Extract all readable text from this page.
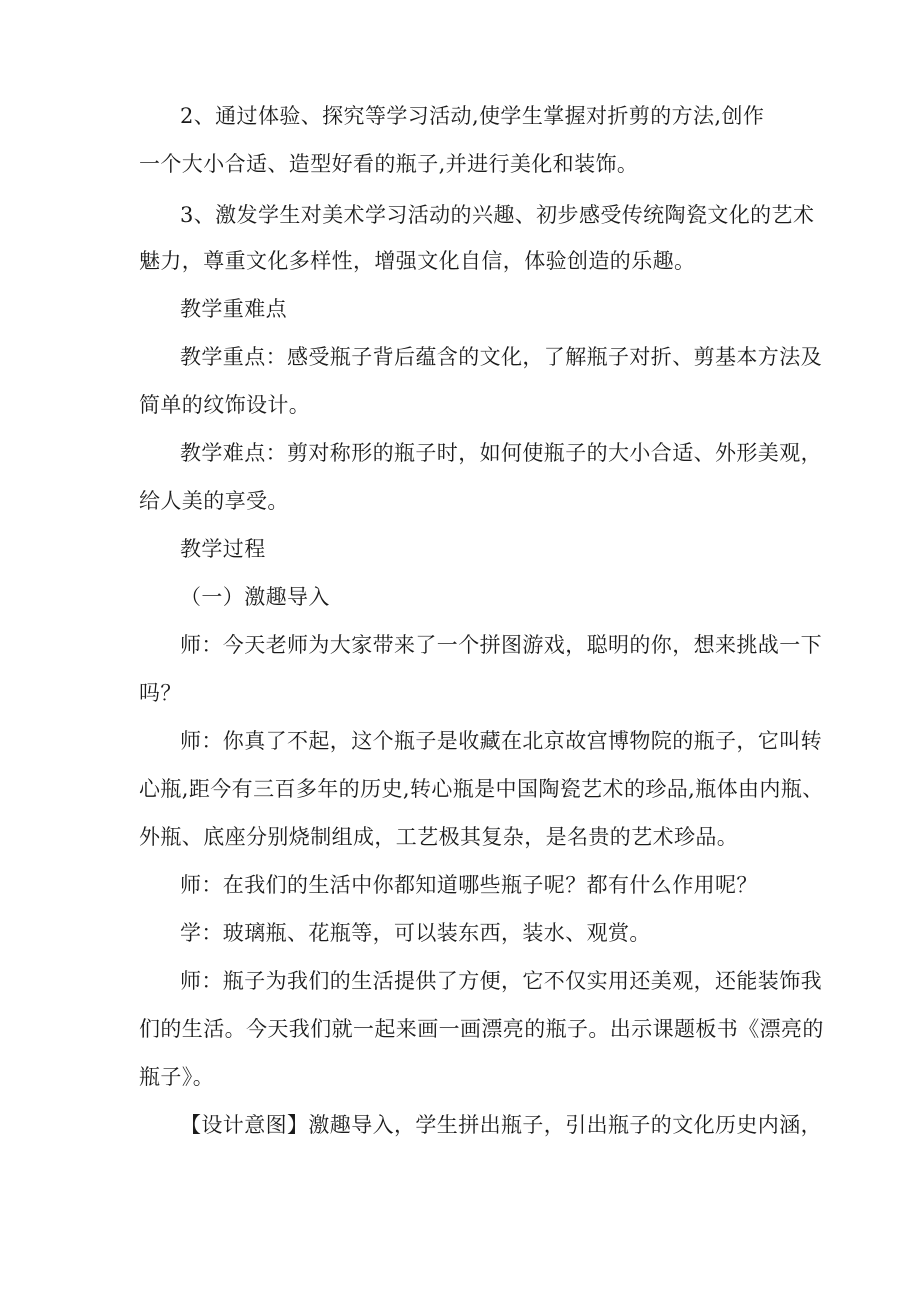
2、通过体验、探究等学习活动,使学生掌握对折剪的方法,创作
一个大小合适、造型好看的瓶子,并进行美化和装饰。
3、激发学生对美术学习活动的兴趣、初步感受传统陶瓷文化的艺术
魅力，尊重文化多样性，增强文化自信，体验创造的乐趣。
教学重难点
教学重点：感受瓶子背后蕴含的文化，了解瓶子对折、剪基本方法及
简单的纹饰设计。
教学难点：剪对称形的瓶子时，如何使瓶子的大小合适、外形美观，
给人美的享受。
教学过程
（一）激趣导入
师：今天老师为大家带来了一个拼图游戏，聪明的你，想来挑战一下
吗？
师：你真了不起，这个瓶子是收藏在北京故宫博物院的瓶子，它叫转
心瓶,距今有三百多年的历史,转心瓶是中国陶瓷艺术的珍品,瓶体由内瓶、
外瓶、底座分别烧制组成，工艺极其复杂，是名贵的艺术珍品。
师：在我们的生活中你都知道哪些瓶子呢？都有什么作用呢？
学：玻璃瓶、花瓶等，可以装东西，装水、观赏。
师：瓶子为我们的生活提供了方便，它不仅实用还美观，还能装饰我
们的生活。今天我们就一起来画一画漂亮的瓶子。出示课题板书《漂亮的
瓶子》。
【设计意图】激趣导入，学生拼出瓶子，引出瓶子的文化历史内涵，
